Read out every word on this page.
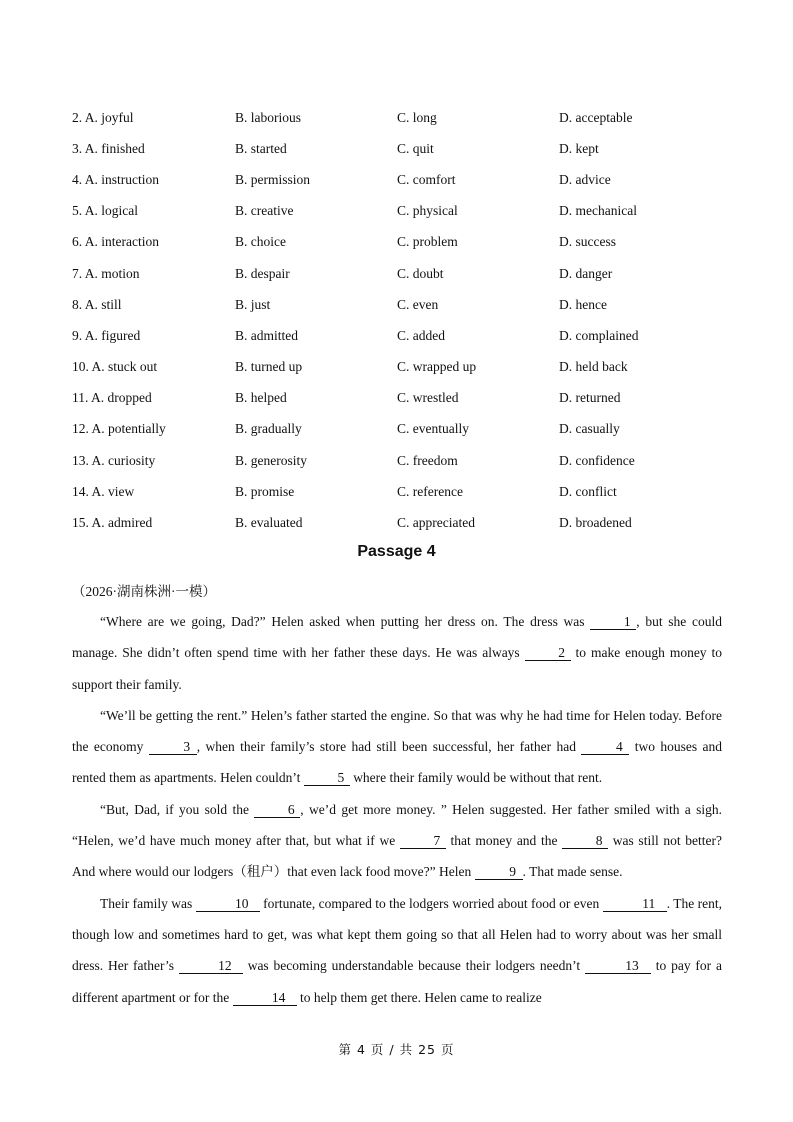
2. A. joyful	B. laborious	C. long	D. acceptable
3. A. finished	B. started	C. quit	D. kept
4. A. instruction	B. permission	C. comfort	D. advice
5. A. logical	B. creative	C. physical	D. mechanical
6. A. interaction	B. choice	C. problem	D. success
7. A. motion	B. despair	C. doubt	D. danger
8. A. still	B. just	C. even	D. hence
9. A. figured	B. admitted	C. added	D. complained
10. A. stuck out	B. turned up	C. wrapped up	D. held back
11. A. dropped	B. helped	C. wrestled	D. returned
12. A. potentially	B. gradually	C. eventually	D. casually
13. A. curiosity	B. generosity	C. freedom	D. confidence
14. A. view	B. promise	C. reference	D. conflict
15. A. admired	B. evaluated	C. appreciated	D. broadened
Passage 4
（2026·湖南株洲·一模）

“Where are we going, Dad?” Helen asked when putting her dress on. The dress was 1 , but she could manage. She didn’t often spend time with her father these days. He was always 2 to make enough money to support their family.

“We’ll be getting the rent.” Helen’s father started the engine. So that was why he had time for Helen today. Before the economy	3 , when their family’s store had still been successful, her father had	4 two houses and rented them as apartments. Helen couldn’t 5 where their family would be without that rent.

“But, Dad, if you sold the 6 , we’d get more money. ” Helen suggested. Her father smiled with a sigh. “Helen, we’d have much money after that, but what if we 7 that money and the 8 was still not better? And where would our lodgers（租户）that even lack food move?” Helen	9 . That made sense.

Their family was	10 fortunate, compared to the lodgers worried about food or even	11 . The rent, though low and sometimes hard to get, was what kept them going so that all Helen had to worry about was her small dress. Her father’s	12 was becoming understandable because their lodgers needn’t	13 to pay for a different apartment or for the	14 to help them get there. Helen came to realize

第 4 页 / 共 25 页
